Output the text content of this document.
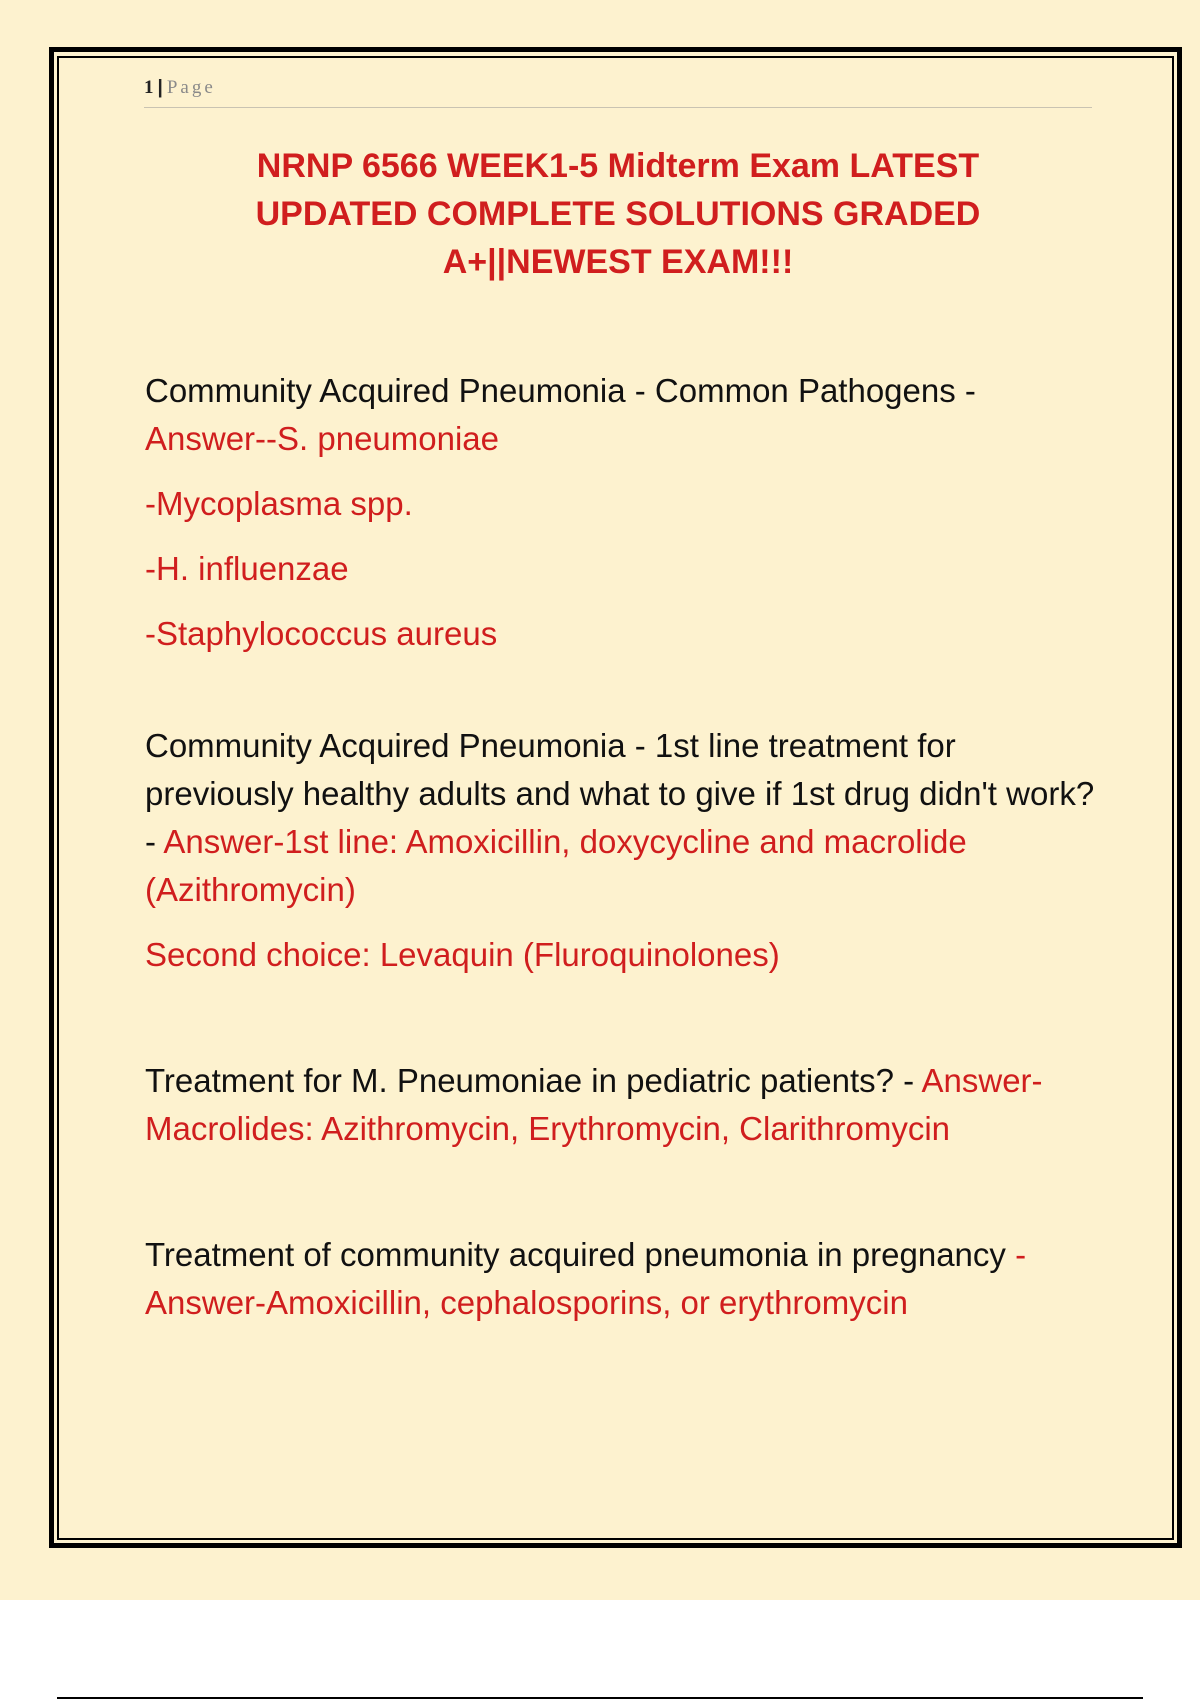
1 | Page
NRNP 6566 WEEK1-5 Midterm Exam LATEST
UPDATED COMPLETE SOLUTIONS GRADED
A+||NEWEST EXAM!!!

Community Acquired Pneumonia - Common Pathogens - Answer--S. pneumoniae

-Mycoplasma spp.
-H. influenzae
-Staphylococcus aureus

Community Acquired Pneumonia - 1st line treatment for previously healthy adults and what to give if 1st drug didn't work? - Answer-1st line: Amoxicillin, doxycycline and macrolide (Azithromycin)

Second choice: Levaquin (Fluroquinolones)

Treatment for M. Pneumoniae in pediatric patients? - Answer-Macrolides: Azithromycin, Erythromycin, Clarithromycin

Treatment of community acquired pneumonia in pregnancy - Answer-Amoxicillin, cephalosporins, or erythromycin
